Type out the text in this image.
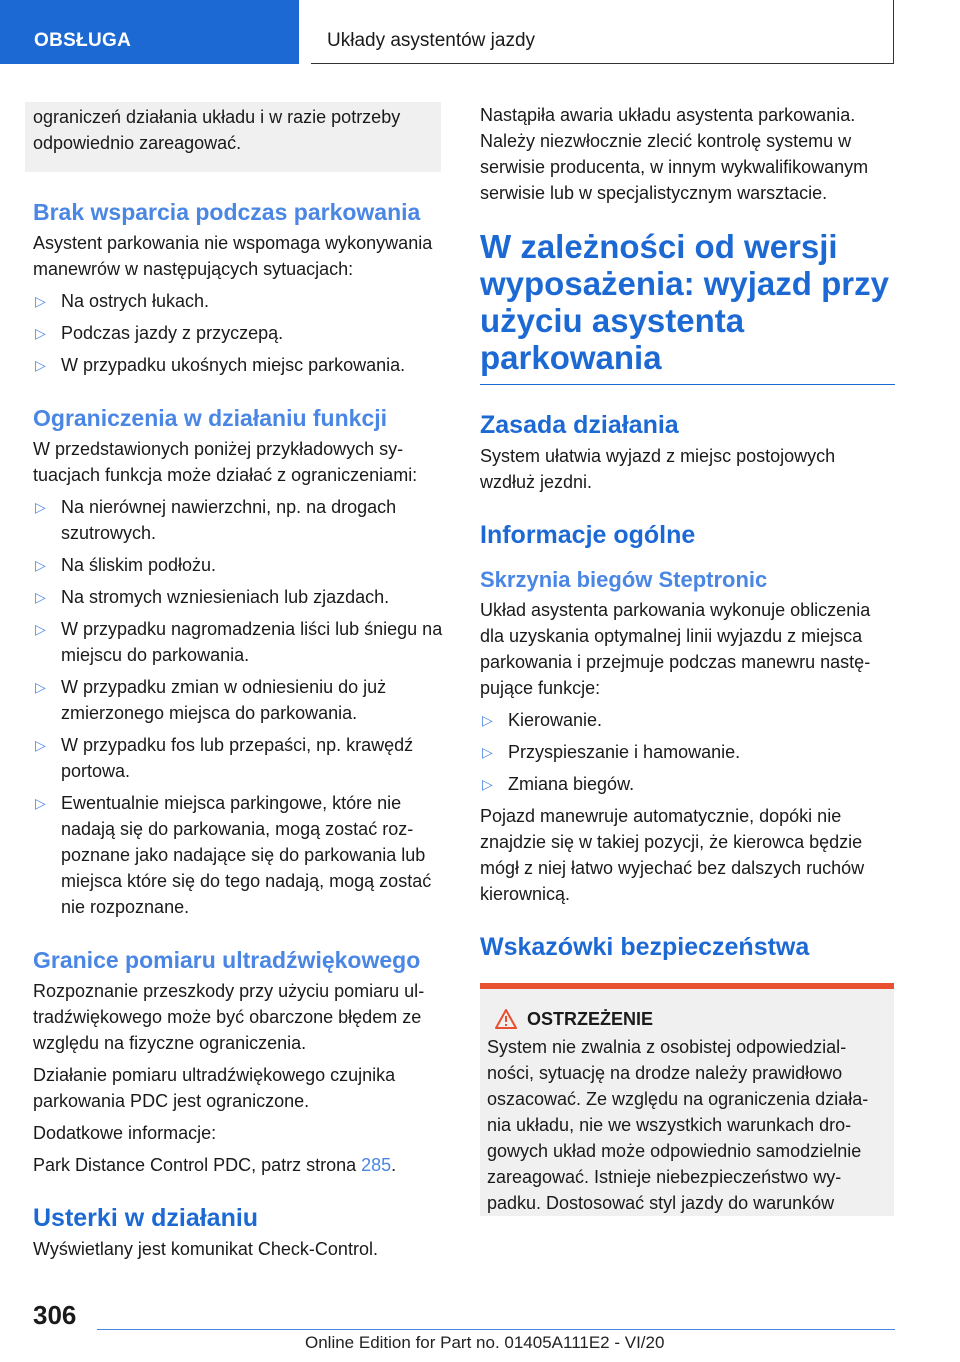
OBSŁUGA	Układy asystentów jazdy
ograniczeń działania układu i w razie potrzeby odpowiednio zareagować.
Brak wsparcia podczas parkowania

Asystent parkowania nie wspomaga wykonywania manewrów w następujących sytuacjach:

▷ Na ostrych łukach.
▷ Podczas jazdy z przyczepą.
▷ W przypadku ukośnych miejsc parkowania.
Ograniczenia w działaniu funkcji

W przedstawionych poniżej przykładowych sytuacjach funkcja może działać z ograniczeniami:

▷ Na nierównej nawierzchni, np. na drogach szutrowych.
▷ Na śliskim podłożu.
▷ Na stromych wzniesieniach lub zjazdach.
▷ W przypadku nagromadzenia liści lub śniegu na miejscu do parkowania.
▷ W przypadku zmian w odniesieniu do już zmierzonego miejsca do parkowania.
▷ W przypadku fos lub przepaści, np. krawędź portowa.
▷ Ewentualnie miejsca parkingowe, które nie nadają się do parkowania, mogą zostać rozpoznane jako nadające się do parkowania lub miejsca które się do tego nadają, mogą zostać nie rozpoznane.
Granice pomiaru ultradźwiękowego

Rozpoznanie przeszkody przy użyciu pomiaru ultradźwiękowego może być obarczone błędem ze względu na fizyczne ograniczenia.

Działanie pomiaru ultradźwiękowego czujnika parkowania PDC jest ograniczone.

Dodatkowe informacje:

Park Distance Control PDC, patrz strona 285.

Usterki w działaniu

Wyświetlany jest komunikat Check-Control.

Nastąpiła awaria układu asystenta parkowania. Należy niezwłocznie zlecić kontrolę systemu w serwisie producenta, w innym wykwalifikowanym serwisie lub w specjalistycznym warsztacie.

W zależności od wersji wyposażenia: wyjazd przy użyciu asystenta parkowania
Zasada działania

System ułatwia wyjazd z miejsc postojowych wzdłuż jezdni.

Informacje ogólne
Skrzynia biegów Steptronic

Układ asystenta parkowania wykonuje obliczenia dla uzyskania optymalnej linii wyjazdu z miejsca parkowania i przejmuje podczas manewru następujące funkcje:

▷ Kierowanie.
▷ Przyspieszanie i hamowanie.
▷ Zmiana biegów.

Pojazd manewruje automatycznie, dopóki nie znajdzie się w takiej pozycji, że kierowca będzie mógł z niej łatwo wyjechać bez dalszych ruchów kierownicą.

Wskazówki bezpieczeństwa
OSTRZEŻENIE

System nie zwalnia z osobistej odpowiedzialności, sytuację na drodze należy prawidłowo oszacować. Ze względu na ograniczenia działania układu, nie we wszystkich warunkach drogowych układ może odpowiednio samodzielnie zareagować. Istnieje niebezpieczeństwo wypadku. Dostosować styl jazdy do warunków

306
Online Edition for Part no. 01405A111E2 - VI/20
